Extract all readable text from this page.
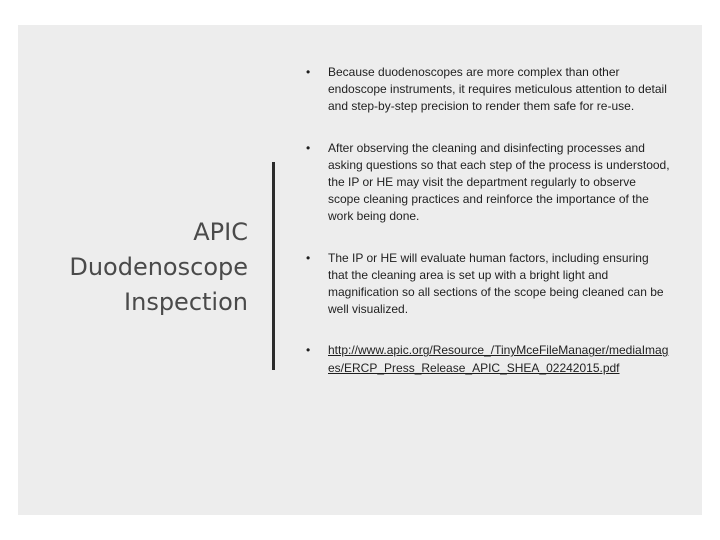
APIC
Duodenoscope
Inspection
• Because duodenoscopes are more complex than other endoscope instruments, it requires meticulous attention to detail and step-by-step precision to render them safe for re-use.
• After observing the cleaning and disinfecting processes and asking questions so that each step of the process is understood, the IP or HE may visit the department regularly to observe scope cleaning practices and reinforce the importance of the work being done.
• The IP or HE will evaluate human factors, including ensuring that the cleaning area is set up with a bright light and magnification so all sections of the scope being cleaned can be well visualized.
• http://www.apic.org/Resource_/TinyMceFileManager/mediaImages/ERCP_Press_Release_APIC_SHEA_02242015.pdf
